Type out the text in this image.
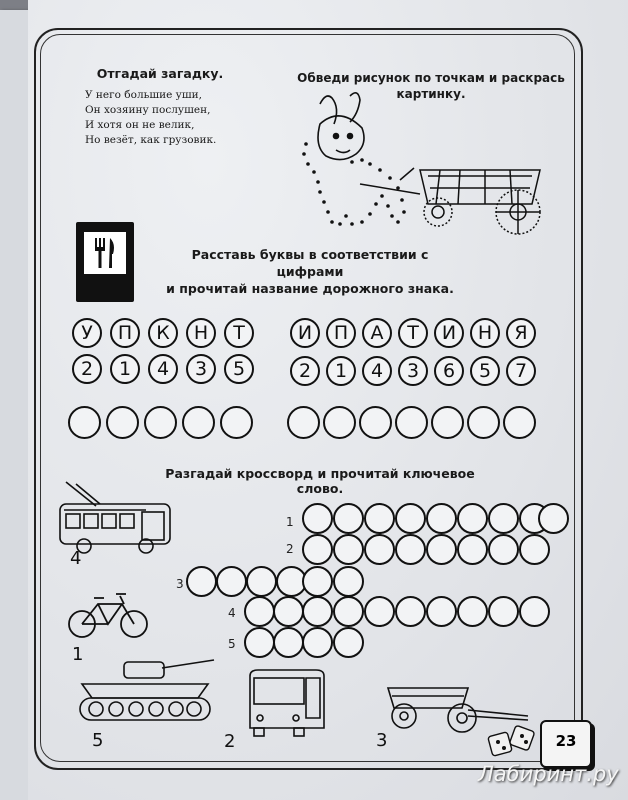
Отгадай загадку.
У него большие уши,
Он хозяину послушен,
И хотя он не велик,
Но везёт, как грузовик.
Обведи рисунок по точкам и раскрась
картинку.
Расставь буквы в соответствии с цифрами
и прочитай название дорожного знака.
У	П	К	Н	Т
2	1	4	3	5
И	П	А	Т	И	Н	Я
2	1	4	3	6	5	7
Разгадай кроссворд и прочитай ключевое слово.
1
2
3
4
5
4
1
5	2	3	23
Лабиринт.ру
